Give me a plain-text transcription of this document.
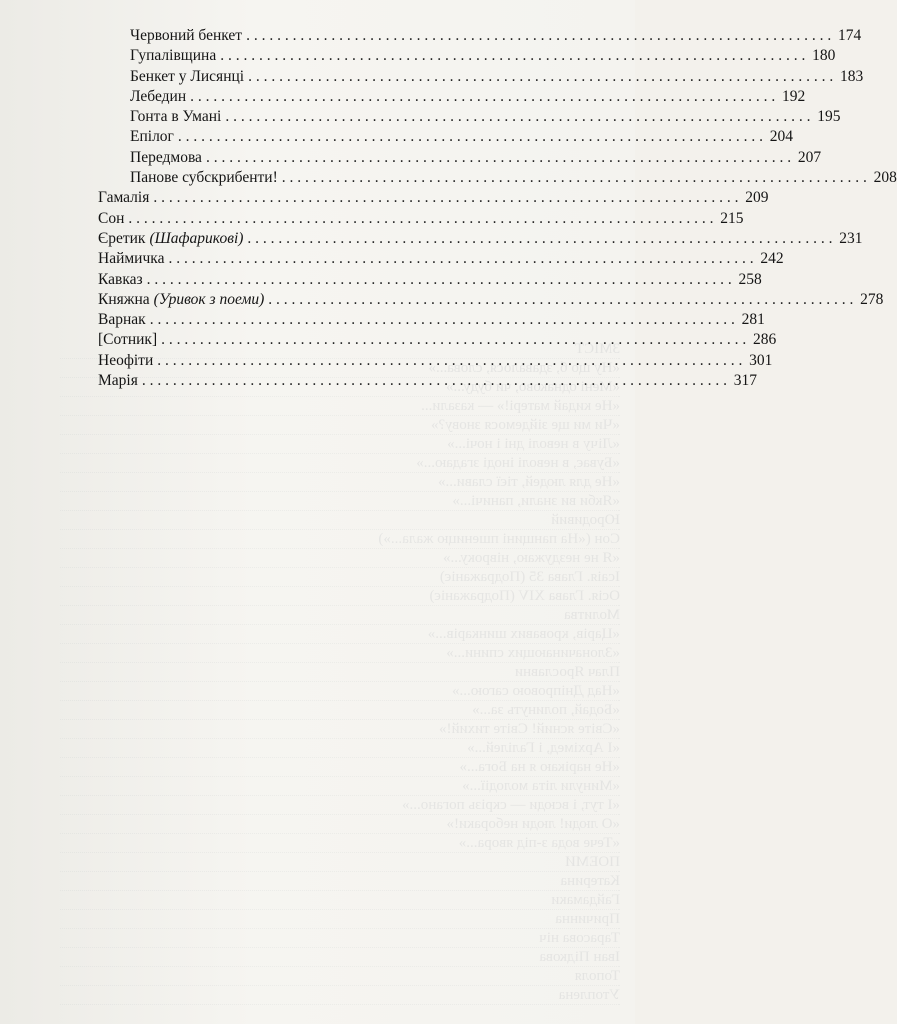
ЗМІСТ
«Ну що б, здавалося, слова...»
«Мені однаково, чи буду...»
«Не кидай матері!» — казали...
«Чи ми ще зійдемося знову?»
«Лічу в неволі дні і ночі...»
«Буває, в неволі іноді згадаю...»
«Не для людей, тієї слави...»
«Якби ви знали, паничі...»
Юродивий
Сон («На панщині пшеницю жала...»)
«Я не нездужаю, нівроку...»
Ісаія. Глава 35 (Подражаніє)
Осія. Глава XIV (Подражаніє)
Молитва
«Царів, кровавих шинкарів...»
«Злоначинающих спини...»
Плач Ярославни
«Над Дніпровою сагою...»
«Бодай, полинуть за...»
«Світе ясний! Світе тихий!»
«І Архімед, і Галілей...»
«Не нарікаю я на Бога...»
«Минули літа молодії...»
«І тут, і всюди — скрізь погано...»
«О люди! люди небораки!»
«Тече вода з-під явора...»
ПОЕМИ
Катерина
Гайдамаки
Причинна
Тарасова ніч
Іван Підкова
Тополя
Утоплена
Червоний бенкет . . .	174
Гупалівщина . . .	180
Бенкет у Лисянці . . .	183
Лебедин . . .	192
Гонта в Умані . . .	195
Епілог . . .	204
Передмова . . .	207
Панове субскрибенти! . . .	208
Гамалія . . .	209
Сон . . .	215
Єретик (Шафарикові) . . .	231
Наймичка . . .	242
Кавказ . . .	258
Княжна (Уривок з поеми) . . .	278
Варнак . . .	281
[Сотник] . . .	286
Неофіти . . .	301
Марія . . .	317
